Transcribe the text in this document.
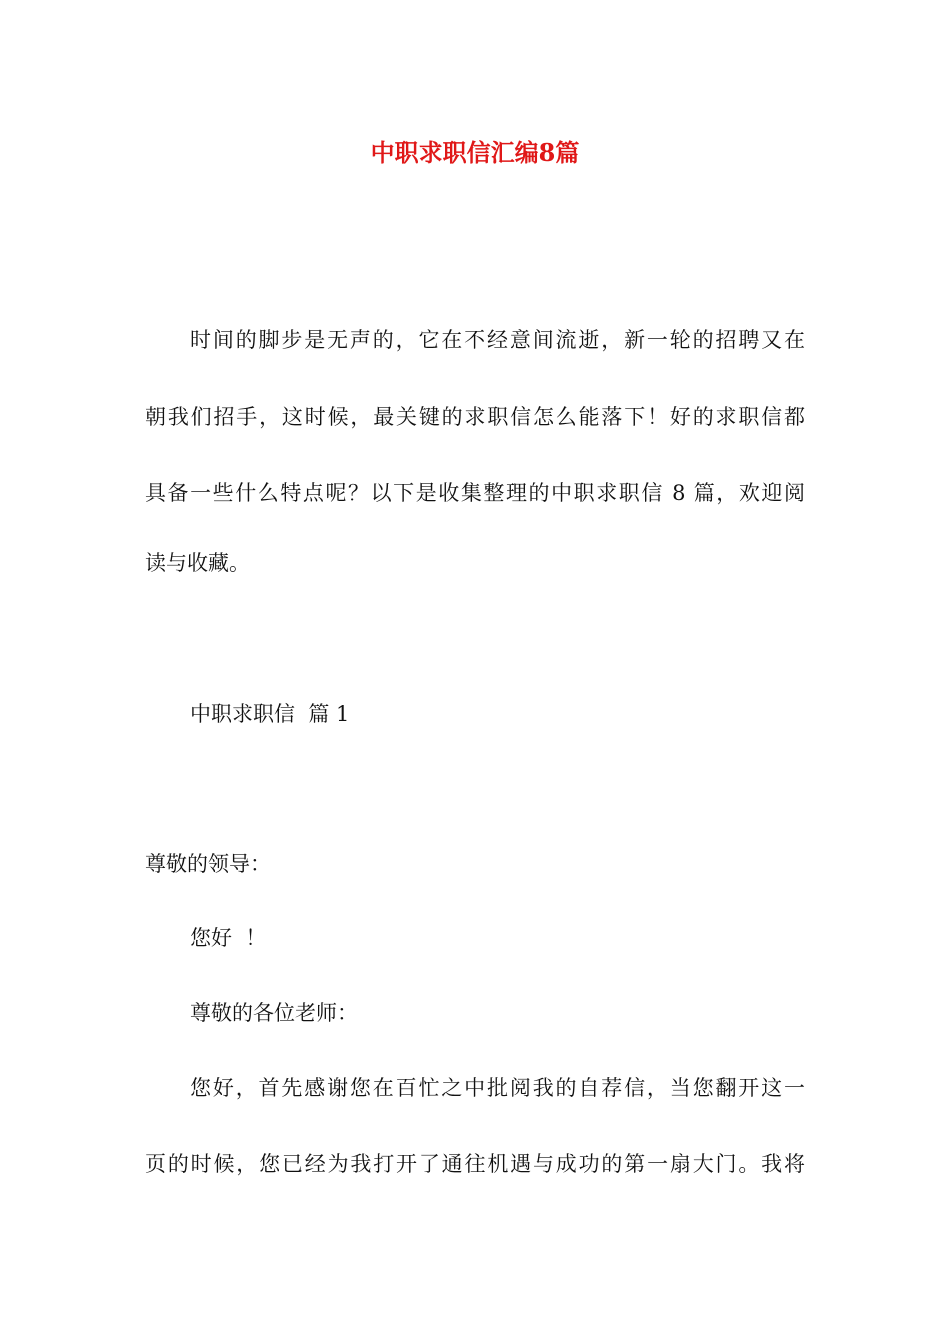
中职求职信汇编8篇

时间的脚步是无声的，它在不经意间流逝，新一轮的招聘又在

朝我们招手，这时候，最关键的求职信怎么能落下！好的求职信都

具备一些什么特点呢？以下是收集整理的中职求职信 8 篇，欢迎阅

读与收藏。

中职求职信  篇 1

尊敬的领导：

您好  ！

尊敬的各位老师：

您好，首先感谢您在百忙之中批阅我的自荐信，当您翻开这一

页的时候，您已经为我打开了通往机遇与成功的第一扇大门。我将
